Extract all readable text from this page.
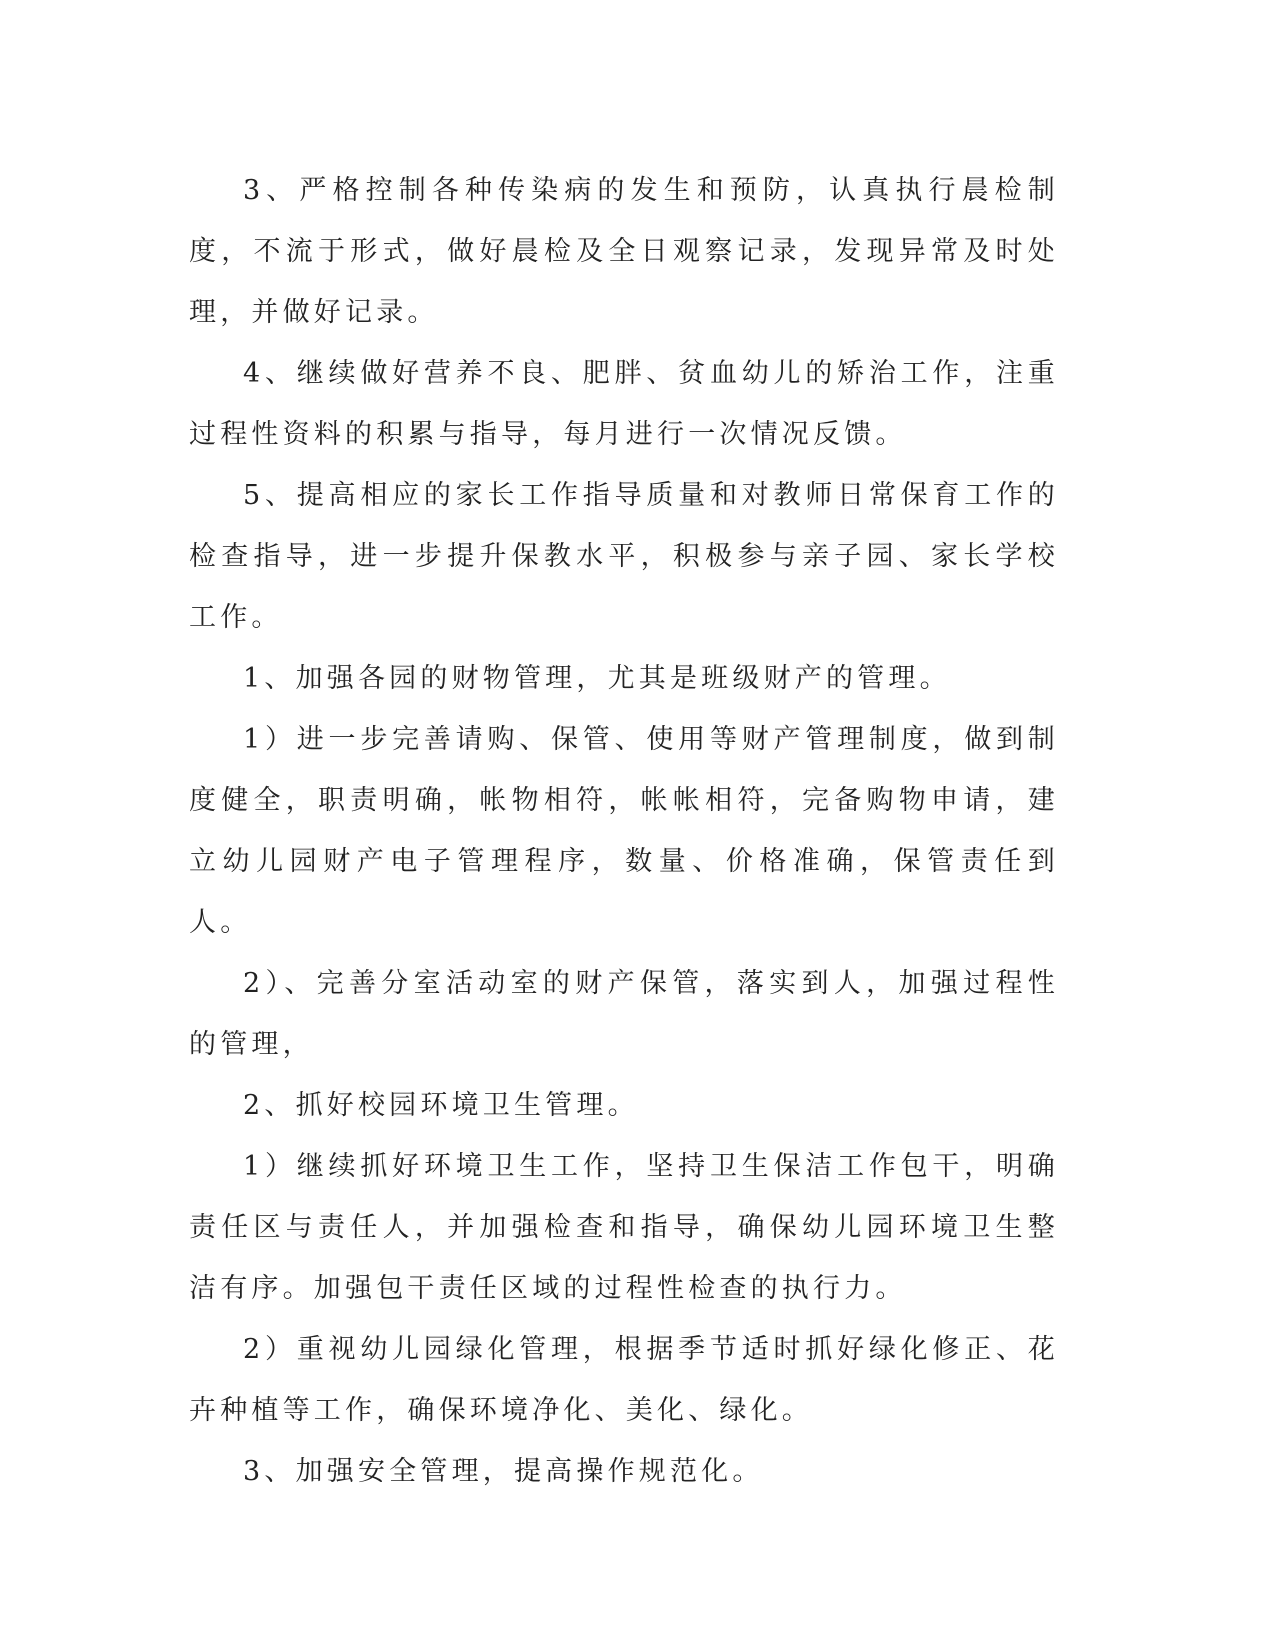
3、严格控制各种传染病的发生和预防，认真执行晨检制度，不流于形式，做好晨检及全日观察记录，发现异常及时处理，并做好记录。

4、继续做好营养不良、肥胖、贫血幼儿的矫治工作，注重过程性资料的积累与指导，每月进行一次情况反馈。

5、提高相应的家长工作指导质量和对教师日常保育工作的检查指导，进一步提升保教水平，积极参与亲子园、家长学校工作。

1、加强各园的财物管理，尤其是班级财产的管理。

1）进一步完善请购、保管、使用等财产管理制度，做到制度健全，职责明确，帐物相符，帐帐相符，完备购物申请，建立幼儿园财产电子管理程序，数量、价格准确，保管责任到人。

2）、完善分室活动室的财产保管，落实到人，加强过程性的管理，

2、抓好校园环境卫生管理。

1）继续抓好环境卫生工作，坚持卫生保洁工作包干，明确责任区与责任人，并加强检查和指导，确保幼儿园环境卫生整洁有序。加强包干责任区域的过程性检查的执行力。

2）重视幼儿园绿化管理，根据季节适时抓好绿化修正、花卉种植等工作，确保环境净化、美化、绿化。

3、加强安全管理，提高操作规范化。
